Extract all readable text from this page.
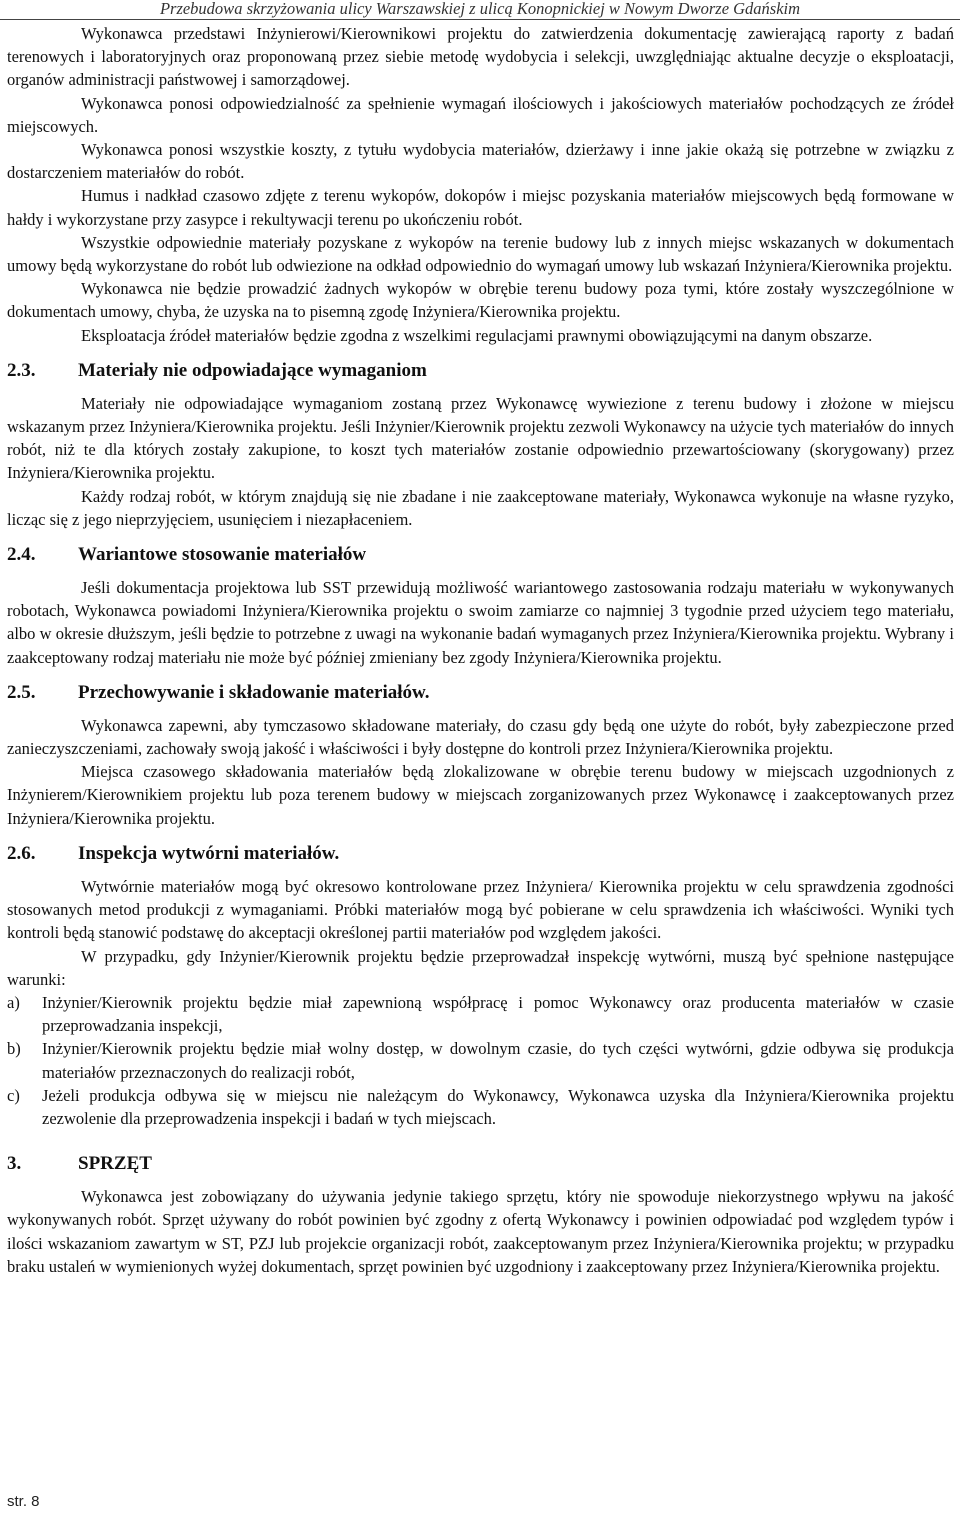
Przebudowa skrzyżowania ulicy Warszawskiej z ulicą Konopnickiej w Nowym Dworze Gdańskim

Wykonawca przedstawi Inżynierowi/Kierownikowi projektu do zatwierdzenia dokumentację zawierającą raporty z badań terenowych i laboratoryjnych oraz proponowaną przez siebie metodę wydobycia i selekcji, uwzględniając aktualne decyzje o eksploatacji, organów administracji państwowej i samorządowej.

Wykonawca ponosi odpowiedzialność za spełnienie wymagań ilościowych i jakościowych materiałów pochodzących ze źródeł miejscowych.

Wykonawca ponosi wszystkie koszty, z tytułu wydobycia materiałów, dzierżawy i inne jakie okażą się potrzebne w związku z dostarczeniem materiałów do robót.

Humus i nadkład czasowo zdjęte z terenu wykopów, dokopów i miejsc pozyskania materiałów miejscowych będą formowane w hałdy i wykorzystane przy zasypce i rekultywacji terenu po ukończeniu robót.

Wszystkie odpowiednie materiały pozyskane z wykopów na terenie budowy lub z innych miejsc wskazanych w dokumentach umowy będą wykorzystane do robót lub odwiezione na odkład odpowiednio do wymagań umowy lub wskazań Inżyniera/Kierownika projektu.

Wykonawca nie będzie prowadzić żadnych wykopów w obrębie terenu budowy poza tymi, które zostały wyszczególnione w dokumentach umowy, chyba, że uzyska na to pisemną zgodę Inżyniera/Kierownika projektu.

Eksploatacja źródeł materiałów będzie zgodna z wszelkimi regulacjami prawnymi obowiązującymi na danym obszarze.

2.3.	Materiały nie odpowiadające wymaganiom

Materiały nie odpowiadające wymaganiom zostaną przez Wykonawcę wywiezione z terenu budowy i złożone w miejscu wskazanym przez Inżyniera/Kierownika projektu. Jeśli Inżynier/Kierownik projektu zezwoli Wykonawcy na użycie tych materiałów do innych robót, niż te dla których zostały zakupione, to koszt tych materiałów zostanie odpowiednio przewartościowany (skorygowany) przez Inżyniera/Kierownika projektu.

Każdy rodzaj robót, w którym znajdują się nie zbadane i nie zaakceptowane materiały, Wykonawca wykonuje na własne ryzyko, licząc się z jego nieprzyjęciem, usunięciem i niezapłaceniem.

2.4.	Wariantowe stosowanie materiałów

Jeśli dokumentacja projektowa lub SST przewidują możliwość wariantowego zastosowania rodzaju materiału w wykonywanych robotach, Wykonawca powiadomi Inżyniera/Kierownika projektu o swoim zamiarze co najmniej 3 tygodnie przed użyciem tego materiału, albo w okresie dłuższym, jeśli będzie to potrzebne z uwagi na wykonanie badań wymaganych przez Inżyniera/Kierownika projektu. Wybrany i zaakceptowany rodzaj materiału nie może być później zmieniany bez zgody Inżyniera/Kierownika projektu.

2.5.	Przechowywanie i składowanie materiałów.

Wykonawca zapewni, aby tymczasowo składowane materiały, do czasu gdy będą one użyte do robót, były zabezpieczone przed zanieczyszczeniami, zachowały swoją jakość i właściwości i były dostępne do kontroli przez Inżyniera/Kierownika projektu.

Miejsca czasowego składowania materiałów będą zlokalizowane w obrębie terenu budowy w miejscach uzgodnionych z Inżynierem/Kierownikiem projektu lub poza terenem budowy w miejscach zorganizowanych przez Wykonawcę i zaakceptowanych przez Inżyniera/Kierownika projektu.

2.6.	Inspekcja wytwórni materiałów.

Wytwórnie materiałów mogą być okresowo kontrolowane przez Inżyniera/ Kierownika projektu w celu sprawdzenia zgodności stosowanych metod produkcji z wymaganiami. Próbki materiałów mogą być pobierane w celu sprawdzenia ich właściwości. Wyniki tych kontroli będą stanowić podstawę do akceptacji określonej partii materiałów pod względem jakości.

W przypadku, gdy Inżynier/Kierownik projektu będzie przeprowadzał inspekcję wytwórni, muszą być spełnione następujące warunki:

a)	Inżynier/Kierownik projektu będzie miał zapewnioną współpracę i pomoc Wykonawcy oraz producenta materiałów w czasie przeprowadzania inspekcji,
b)	Inżynier/Kierownik projektu będzie miał wolny dostęp, w dowolnym czasie, do tych części wytwórni, gdzie odbywa się produkcja materiałów przeznaczonych do realizacji robót,
c)	Jeżeli produkcja odbywa się w miejscu nie należącym do Wykonawcy, Wykonawca uzyska dla Inżyniera/Kierownika projektu zezwolenie dla przeprowadzenia inspekcji i badań w tych miejscach.
3.	SPRZĘT

Wykonawca jest zobowiązany do używania jedynie takiego sprzętu, który nie spowoduje niekorzystnego wpływu na jakość wykonywanych robót. Sprzęt używany do robót powinien być zgodny z ofertą Wykonawcy i powinien odpowiadać pod względem typów i ilości wskazaniom zawartym w ST, PZJ lub projekcie organizacji robót, zaakceptowanym przez Inżyniera/Kierownika projektu; w przypadku braku ustaleń w wymienionych wyżej dokumentach, sprzęt powinien być uzgodniony i zaakceptowany przez Inżyniera/Kierownika projektu.

str. 8
